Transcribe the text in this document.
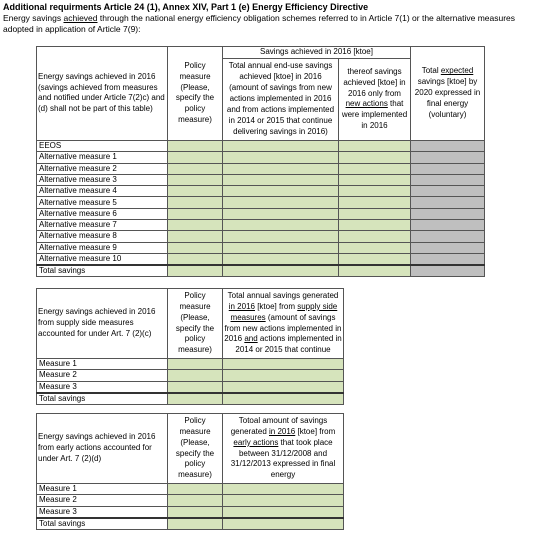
Additional requirments Article 24 (1), Annex XIV, Part 1 (e) Energy Efficiency Directive
Energy savings achieved through the national energy efficiency obligation schemes referred to in Article 7(1) or the alternative measures adopted in application of Article 7(9):
Energy savings achieved in 2016 (savings achieved from measures and notified under Article 7(2)c) and (d) shall not be part of this table)	Policy measure (Please, specify the policy measure)	Savings achieved in 2016 [ktoe]		Total expected savings [ktoe] by 2020 expressed in final energy (voluntary)
		Total annual end-use savings achieved [ktoe] in 2016 (amount of savings from new actions implemented in 2016 and from actions implemented in 2014 or 2015 that continue delivering savings in 2016)	thereof savings achieved [ktoe] in 2016 only from new actions that were implemented in 2016	
EEOS				
Alternative measure 1				
Alternative measure 2				
Alternative measure 3				
Alternative measure 4				
Alternative measure 5				
Alternative measure 6				
Alternative measure 7				
Alternative measure 8				
Alternative measure 9				
Alternative measure 10				
Total savings				
Energy savings achieved in 2016 from supply side measures accounted for under Art. 7 (2)(c)	Policy measure (Please, specify the policy measure)	Total annual savings generated in 2016 [ktoe] from supply side measures (amount of savings from new actions implemented in 2016 and actions implemented in 2014 or 2015 that continue
Measure 1		
Measure 2		
Measure 3		
Total savings		
Energy savings achieved in 2016 from early actions accounted for under Art. 7 (2)(d)	Policy measure (Please, specify the policy measure)	Totoal amount of savings generated in 2016 [ktoe] from early actions that took place between 31/12/2008 and 31/12/2013 expressed in final energy
Measure 1		
Measure 2		
Measure 3		
Total savings		
